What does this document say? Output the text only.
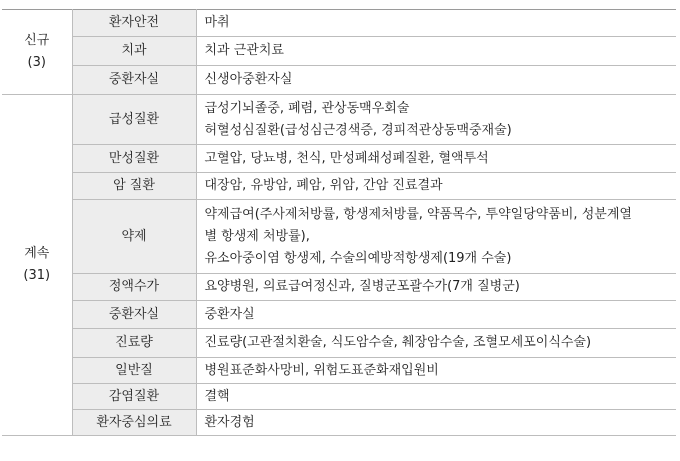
신규
(3)	환자안전	마취

	치과	치과 근관치료

	중환자실	신생아중환자실

계속
(31)	급성질환	급성기뇌졸중, 폐렴, 관상동맥우회술
허혈성심질환(급성심근경색증, 경피적관상동맥중재술)

	만성질환	고혈압, 당뇨병, 천식, 만성폐쇄성폐질환, 혈액투석

	암 질환	대장암, 유방암, 폐암, 위암, 간암 진료결과

	약제	약제급여(주사제처방률, 항생제처방률, 약품목수, 투약일당약품비, 성분계열
별 항생제 처방률),
유소아중이염 항생제, 수술의예방적항생제(19개 수술)

	정액수가	요양병원, 의료급여정신과, 질병군포괄수가(7개 질병군)

	중환자실	중환자실

	진료량	진료량(고관절치환술, 식도암수술, 췌장암수술, 조혈모세포이식수술)

	일반질	병원표준화사망비, 위험도표준화재입원비

	감염질환	결핵

	환자중심의료	환자경험
